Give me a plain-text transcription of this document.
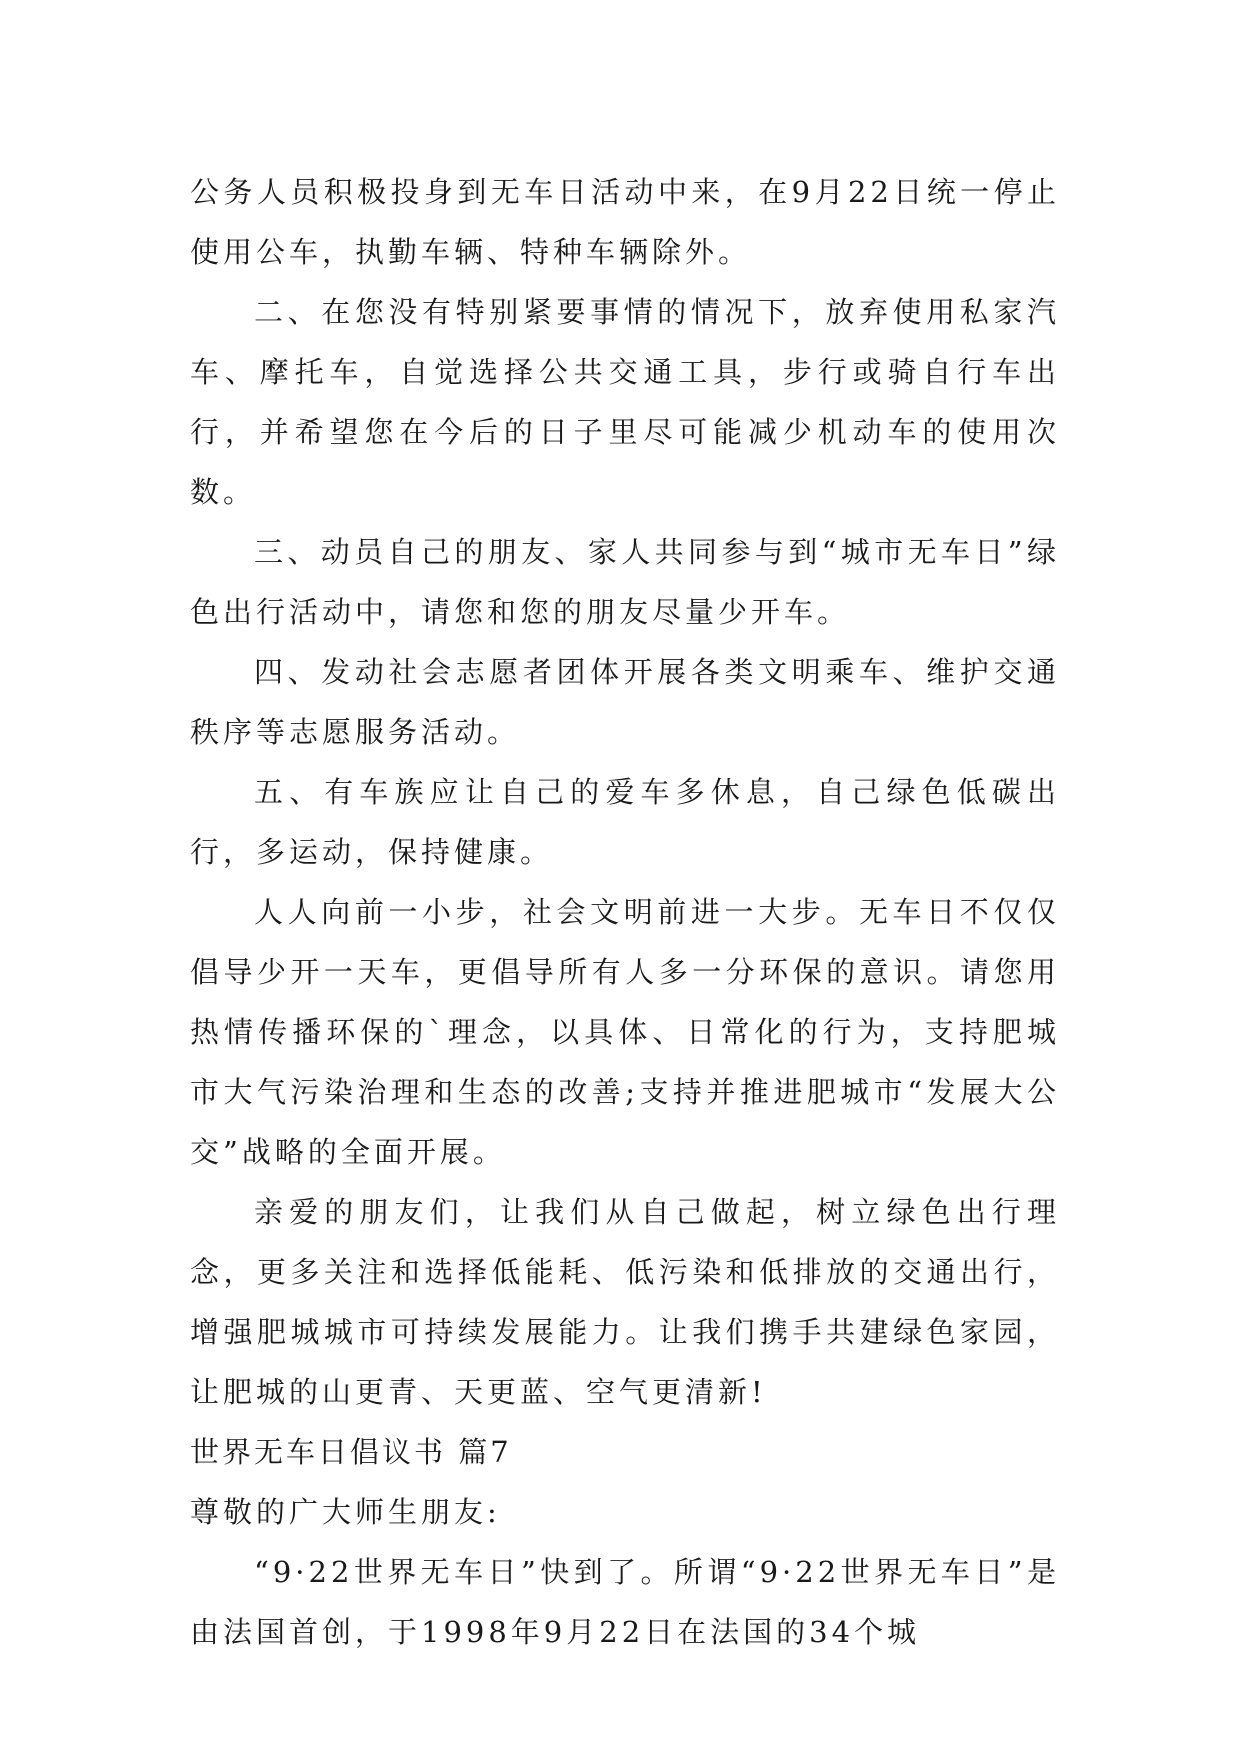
公务人员积极投身到无车日活动中来，在9月22日统一停止使用公车，执勤车辆、特种车辆除外。

二、在您没有特别紧要事情的情况下，放弃使用私家汽车、摩托车，自觉选择公共交通工具，步行或骑自行车出行，并希望您在今后的日子里尽可能减少机动车的使用次数。

三、动员自己的朋友、家人共同参与到“城市无车日”绿色出行活动中，请您和您的朋友尽量少开车。

四、发动社会志愿者团体开展各类文明乘车、维护交通秩序等志愿服务活动。

五、有车族应让自己的爱车多休息，自己绿色低碳出行，多运动，保持健康。

人人向前一小步，社会文明前进一大步。无车日不仅仅倡导少开一天车，更倡导所有人多一分环保的意识。请您用热情传播环保的`理念，以具体、日常化的行为，支持肥城市大气污染治理和生态的改善;支持并推进肥城市“发展大公交”战略的全面开展。

亲爱的朋友们，让我们从自己做起，树立绿色出行理念，更多关注和选择低能耗、低污染和低排放的交通出行，增强肥城城市可持续发展能力。让我们携手共建绿色家园，让肥城的山更青、天更蓝、空气更清新!

世界无车日倡议书 篇7

尊敬的广大师生朋友:

“9·22世界无车日”快到了。所谓“9·22世界无车日”是由法国首创，于1998年9月22日在法国的34个城
